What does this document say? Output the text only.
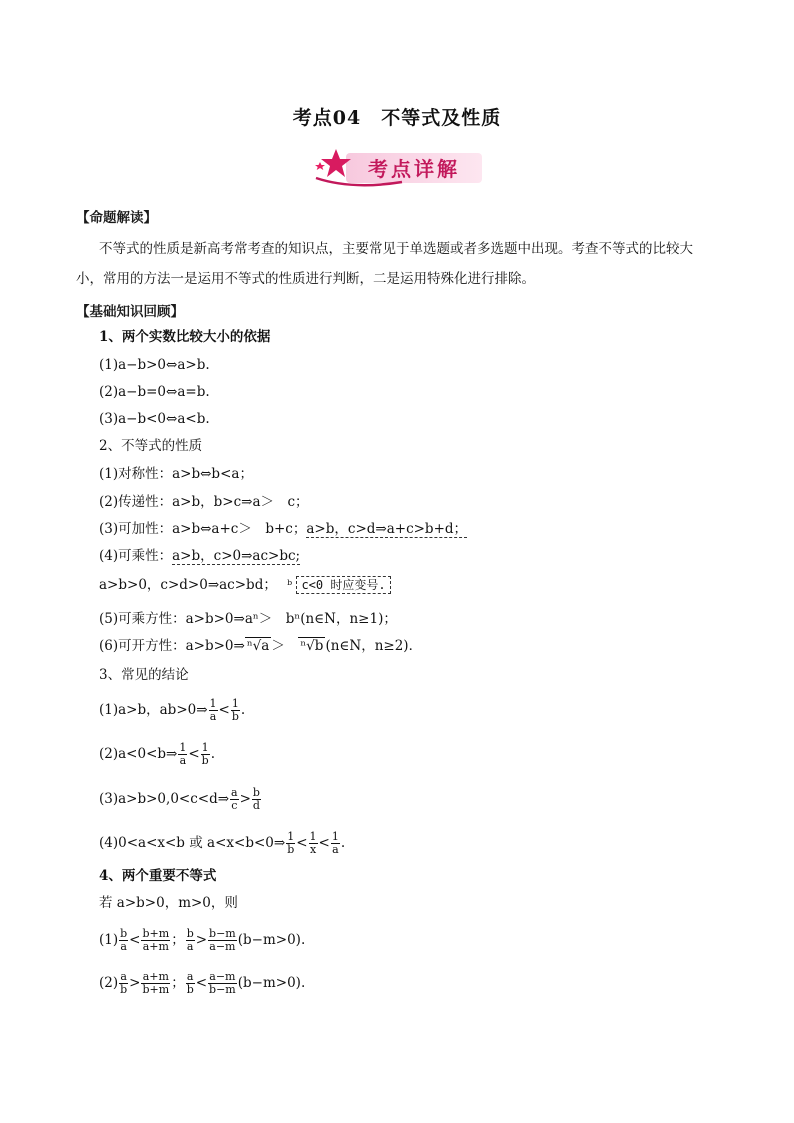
考点04　不等式及性质
考点详解
【命题解读】
不等式的性质是新高考常考查的知识点，主要常见于单选题或者多选题中出现。考查不等式的比较大
小，常用的方法一是运用不等式的性质进行判断，二是运用特殊化进行排除。
【基础知识回顾】
1、两个实数比较大小的依据
(1)a−b>0⇔a>b.
(2)a−b=0⇔a=b.
(3)a−b<0⇔a<b.
2、不等式的性质
(1)对称性：a>b⇔b<a；
(2)传递性：a>b，b>c⇒a＞　c；
(3)可加性：a>b⇔a+c＞　b+c；a>b，c>d⇒a+c>b+d；
(4)可乘性：a>b，c>0⇒ac>bc;
a>b>0，c>d>0⇒ac>bd； ᵇ c<0 时应变号.
(5)可乘方性：a>b>0⇒aⁿ＞　bⁿ(n∈N，n≥1)；
(6)可开方性：a>b>0⇒ ⁿ√a ＞　ⁿ√b (n∈N，n≥2)．
3、常见的结论
(1)a>b，ab>0⇒ $\frac{1}{a} < \frac{1}{b}$ .
(2)a<0<b⇒ $\frac{1}{a} < \frac{1}{b}$ .
(3)a>b>0,0<c<d⇒ $\frac{a}{c} > \frac{b}{d}$
(4)0<a<x<b 或 a<x<b<0⇒ $\frac{1}{b} < \frac{1}{x} < \frac{1}{a}$ .
4、两个重要不等式
若 a>b>0，m>0，则
$(1) \frac{b}{a} < \frac{b+m}{a+m}$ ； $\frac{b}{a} > \frac{b-m}{a-m} (b-m>0)$.
$(2) \frac{a}{b} > \frac{a+m}{b+m}$ ； $\frac{a}{b} < \frac{a-m}{b-m} (b-m>0)$.
